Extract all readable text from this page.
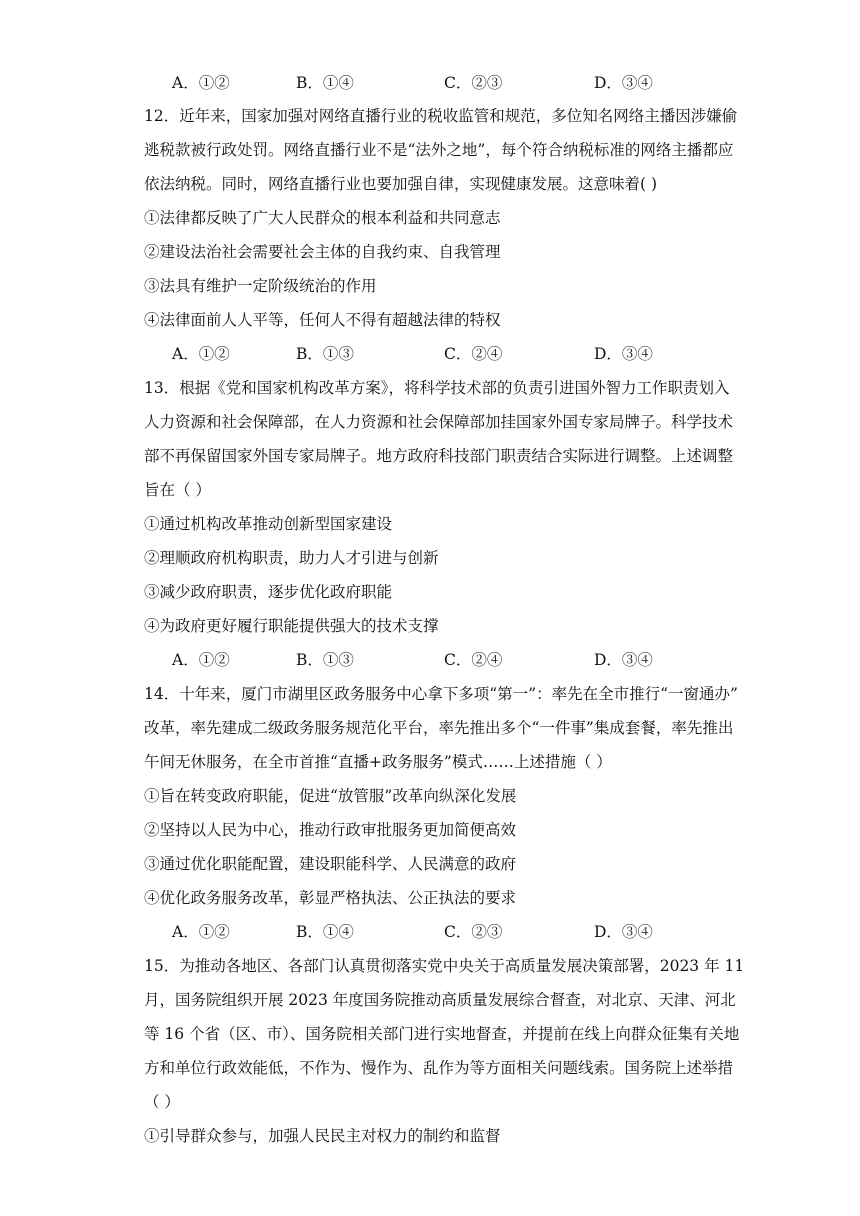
A．①②	B．①④	C．②③	D．③④
12．近年来，国家加强对网络直播行业的税收监管和规范，多位知名网络主播因涉嫌偷
逃税款被行政处罚。网络直播行业不是“法外之地”，每个符合纳税标准的网络主播都应
依法纳税。同时，网络直播行业也要加强自律，实现健康发展。这意味着( )
①法律都反映了广大人民群众的根本利益和共同意志
②建设法治社会需要社会主体的自我约束、自我管理
③法具有维护一定阶级统治的作用
④法律面前人人平等，任何人不得有超越法律的特权
A．①②	B．①③	C．②④	D．③④
13．根据《党和国家机构改革方案》，将科学技术部的负责引进国外智力工作职责划入
人力资源和社会保障部，在人力资源和社会保障部加挂国家外国专家局牌子。科学技术
部不再保留国家外国专家局牌子。地方政府科技部门职责结合实际进行调整。上述调整
旨在（ ）
①通过机构改革推动创新型国家建设
②理顺政府机构职责，助力人才引进与创新
③减少政府职责，逐步优化政府职能
④为政府更好履行职能提供强大的技术支撑
A．①②	B．①③	C．②④	D．③④
14．十年来，厦门市湖里区政务服务中心拿下多项“第一”：率先在全市推行“一窗通办”
改革，率先建成二级政务服务规范化平台，率先推出多个“一件事”集成套餐，率先推出
午间无休服务，在全市首推“直播+政务服务”模式……上述措施（ ）
①旨在转变政府职能，促进“放管服”改革向纵深化发展
②坚持以人民为中心，推动行政审批服务更加简便高效
③通过优化职能配置，建设职能科学、人民满意的政府
④优化政务服务改革，彰显严格执法、公正执法的要求
A．①②	B．①④	C．②③	D．③④
15．为推动各地区、各部门认真贯彻落实党中央关于高质量发展决策部署，2023 年 11
月，国务院组织开展 2023 年度国务院推动高质量发展综合督查，对北京、天津、河北
等 16 个省（区、市）、国务院相关部门进行实地督查，并提前在线上向群众征集有关地
方和单位行政效能低，不作为、慢作为、乱作为等方面相关问题线索。国务院上述举措
（ ）
①引导群众参与，加强人民民主对权力的制约和监督
